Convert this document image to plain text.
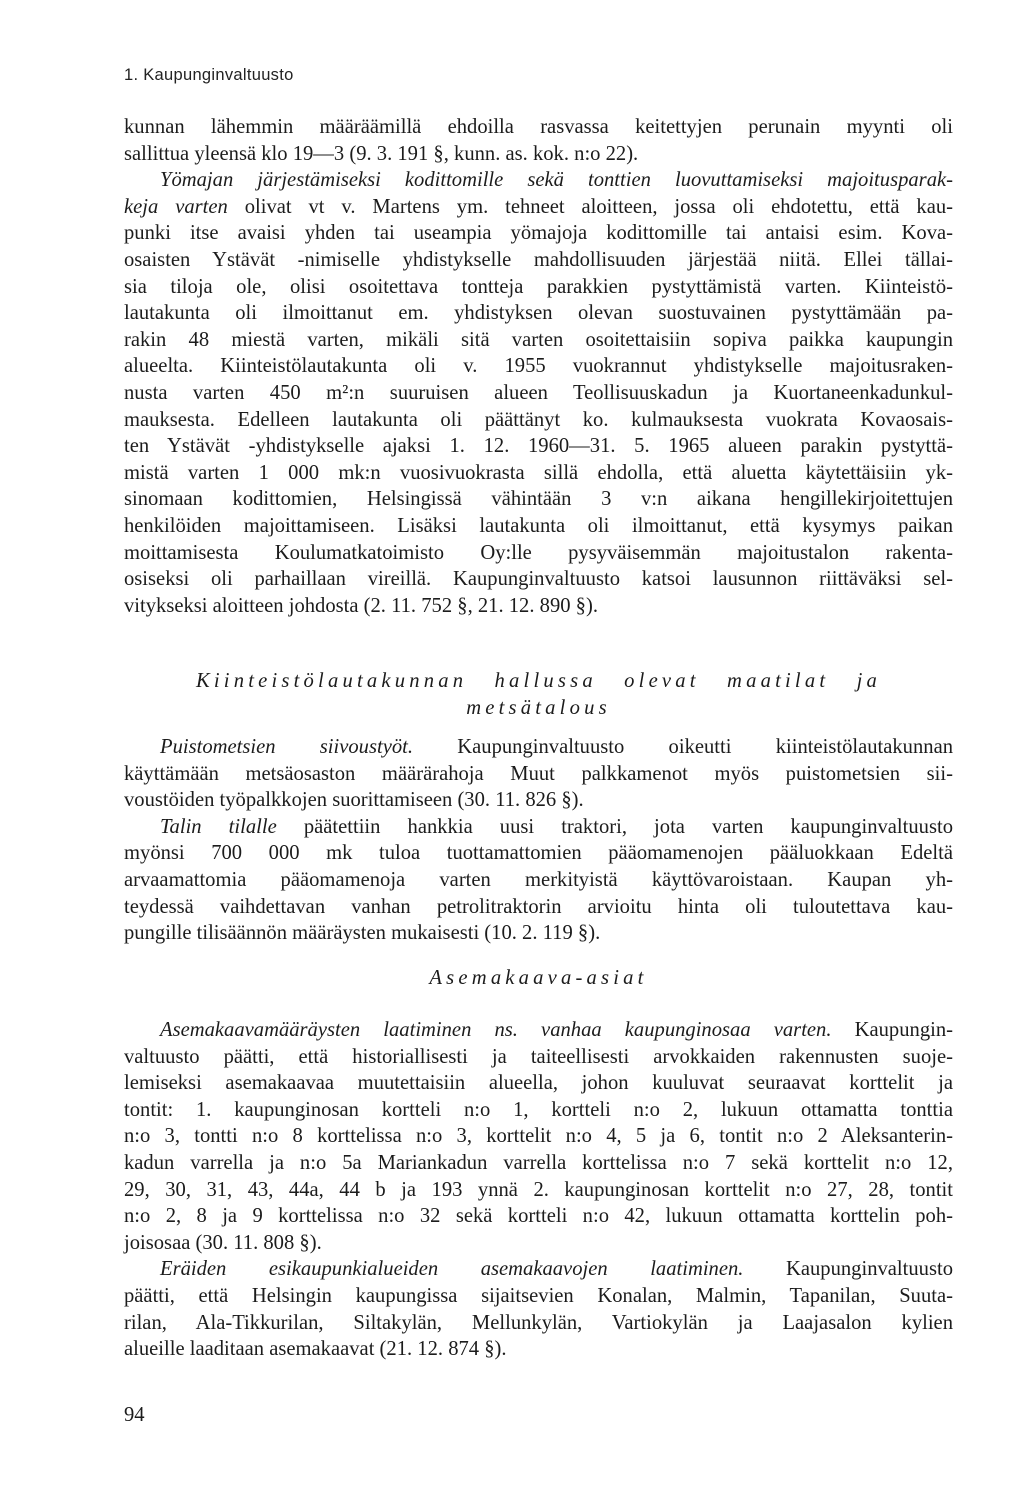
1. Kaupunginvaltuusto
kunnan lähemmin määräämillä ehdoilla rasvassa keitettyjen perunain myynti oli
sallittua yleensä klo 19—3 (9. 3. 191 §, kunn. as. kok. n:o 22).
Yömajan järjestämiseksi kodittomille sekä tonttien luovuttamiseksi majoitusparak-
keja varten olivat vt v. Martens ym. tehneet aloitteen, jossa oli ehdotettu, että kau-
punki itse avaisi yhden tai useampia yömajoja kodittomille tai antaisi esim. Kova-
osaisten Ystävät -nimiselle yhdistykselle mahdollisuuden järjestää niitä. Ellei tällai-
sia tiloja ole, olisi osoitettava tontteja parakkien pystyttämistä varten. Kiinteistö-
lautakunta oli ilmoittanut em. yhdistyksen olevan suostuvainen pystyttämään pa-
rakin 48 miestä varten, mikäli sitä varten osoitettaisiin sopiva paikka kaupungin
alueelta. Kiinteistölautakunta oli v. 1955 vuokrannut yhdistykselle majoitusraken-
nusta varten 450 m²:n suuruisen alueen Teollisuuskadun ja Kuortaneenkadunkul-
mauksesta. Edelleen lautakunta oli päättänyt ko. kulmauksesta vuokrata Kovaosais-
ten Ystävät -yhdistykselle ajaksi 1. 12. 1960—31. 5. 1965 alueen parakin pystyttä-
mistä varten 1 000 mk:n vuosivuokrasta sillä ehdolla, että aluetta käytettäisiin yk-
sinomaan kodittomien, Helsingissä vähintään 3 v:n aikana hengillekirjoitettujen
henkilöiden majoittamiseen. Lisäksi lautakunta oli ilmoittanut, että kysymys paikan
moittamisesta Koulumatkatoimisto Oy:lle pysyväisemmän majoitustalon rakenta-
osiseksi oli parhaillaan vireillä. Kaupunginvaltuusto katsoi lausunnon riittäväksi sel-
vitykseksi aloitteen johdosta (2. 11. 752 §, 21. 12. 890 §).
Kiinteistölautakunnan hallussa olevat maatilat ja
metsätalous
Puistometsien siivoustyöt. Kaupunginvaltuusto oikeutti kiinteistölautakunnan
käyttämään metsäosaston määrärahoja Muut palkkamenot myös puistometsien sii-
voustöiden työpalkkojen suorittamiseen (30. 11. 826 §).
Talin tilalle päätettiin hankkia uusi traktori, jota varten kaupunginvaltuusto
myönsi 700 000 mk tuloa tuottamattomien pääomamenojen pääluokkaan Edeltä
arvaamattomia pääomamenoja varten merkityistä käyttövaroistaan. Kaupan yh-
teydessä vaihdettavan vanhan petrolitraktorin arvioitu hinta oli tuloutettava kau-
pungille tilisäännön määräysten mukaisesti (10. 2. 119 §).
Asemakaava-asiat
Asemakaavamääräysten laatiminen ns. vanhaa kaupunginosaa varten. Kaupungin-
valtuusto päätti, että historiallisesti ja taiteellisesti arvokkaiden rakennusten suoje-
lemiseksi asemakaavaa muutettaisiin alueella, johon kuuluvat seuraavat korttelit ja
tontit: 1. kaupunginosan kortteli n:o 1, kortteli n:o 2, lukuun ottamatta tonttia
n:o 3, tontti n:o 8 korttelissa n:o 3, korttelit n:o 4, 5 ja 6, tontit n:o 2 Aleksanterin-
kadun varrella ja n:o 5a Mariankadun varrella korttelissa n:o 7 sekä korttelit n:o 12,
29, 30, 31, 43, 44a, 44 b ja 193 ynnä 2. kaupunginosan korttelit n:o 27, 28, tontit
n:o 2, 8 ja 9 korttelissa n:o 32 sekä kortteli n:o 42, lukuun ottamatta korttelin poh-
joisosaa (30. 11. 808 §).
Eräiden esikaupunkialueiden asemakaavojen laatiminen. Kaupunginvaltuusto
päätti, että Helsingin kaupungissa sijaitsevien Konalan, Malmin, Tapanilan, Suuta-
rilan, Ala-Tikkurilan, Siltakylän, Mellunkylän, Vartiokylän ja Laajasalon kylien
alueille laaditaan asemakaavat (21. 12. 874 §).
94
